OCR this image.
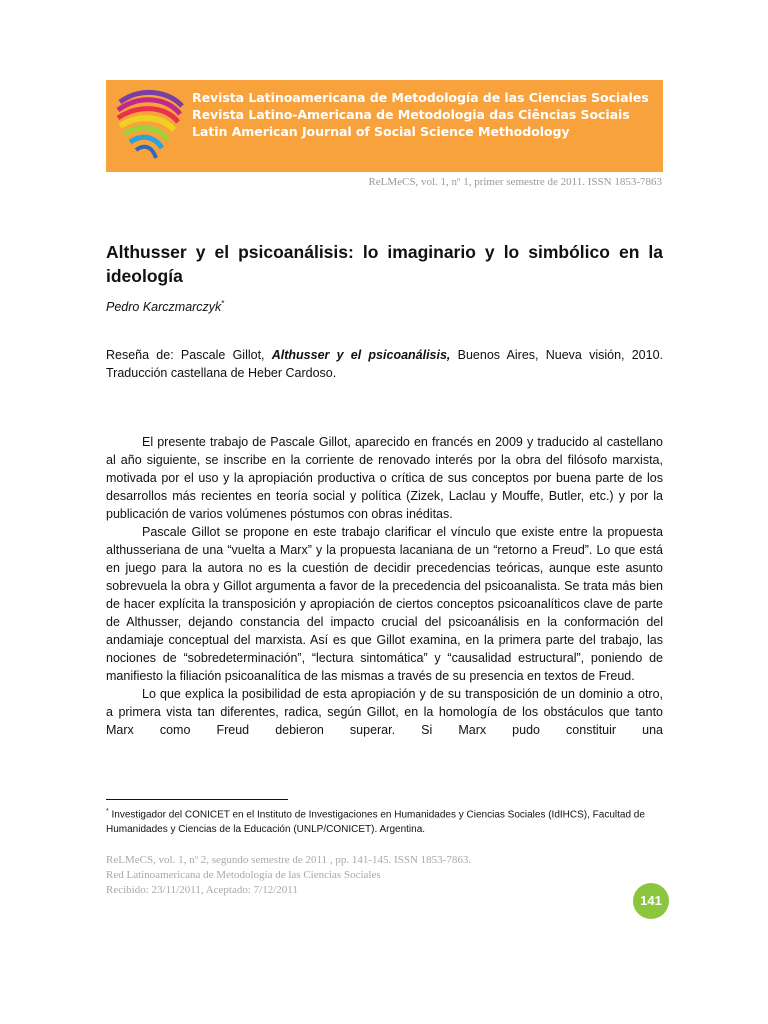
Revista Latinoamericana de Metodología de las Ciencias Sociales
Revista Latino-Americana de Metodologia das Ciências Sociais
Latin American Journal of Social Science Methodology
ReLMeCS, vol. 1, nº 1, primer semestre de 2011. ISSN 1853-7863
Althusser y el psicoanálisis: lo imaginario y lo simbólico en la ideología
Pedro Karczmarczyk*
Reseña de: Pascale Gillot, Althusser y el psicoanálisis, Buenos Aires, Nueva visión, 2010. Traducción castellana de Heber Cardoso.

El presente trabajo de Pascale Gillot, aparecido en francés en 2009 y traducido al castellano al año siguiente, se inscribe en la corriente de renovado interés por la obra del filósofo marxista, motivada por el uso y la apropiación productiva o crítica de sus conceptos por buena parte de los desarrollos más recientes en teoría social y política (Zizek, Laclau y Mouffe, Butler, etc.) y por la publicación de varios volúmenes póstumos con obras inéditas.

Pascale Gillot se propone en este trabajo clarificar el vínculo que existe entre la propuesta althusseriana de una “vuelta a Marx” y la propuesta lacaniana de un “retorno a Freud”. Lo que está en juego para la autora no es la cuestión de decidir precedencias teóricas, aunque este asunto sobrevuela la obra y Gillot argumenta a favor de la precedencia del psicoanalista. Se trata más bien de hacer explícita la transposición y apropiación de ciertos conceptos psicoanalíticos clave de parte de Althusser, dejando constancia del impacto crucial del psicoanálisis en la conformación del andamiaje conceptual del marxista. Así es que Gillot examina, en la primera parte del trabajo, las nociones de “sobredeterminación”, “lectura sintomática” y “causalidad estructural”, poniendo de manifiesto la filiación psicoanalítica de las mismas a través de su presencia en textos de Freud.

Lo que explica la posibilidad de esta apropiación y de su transposición de un dominio a otro, a primera vista tan diferentes, radica, según Gillot, en la homología de los obstáculos que tanto Marx como Freud debieron superar. Si Marx pudo constituir una

* Investigador del CONICET en el Instituto de Investigaciones en Humanidades y Ciencias Sociales (IdIHCS), Facultad de Humanidades y Ciencias de la Educación (UNLP/CONICET). Argentina.
ReLMeCS, vol. 1, nº 2, segundo semestre de 2011 , pp. 141-145. ISSN 1853-7863.
Red Latinoamericana de Metodología de las Ciencias Sociales
Recibido: 23/11/2011, Aceptado: 7/12/2011
141
